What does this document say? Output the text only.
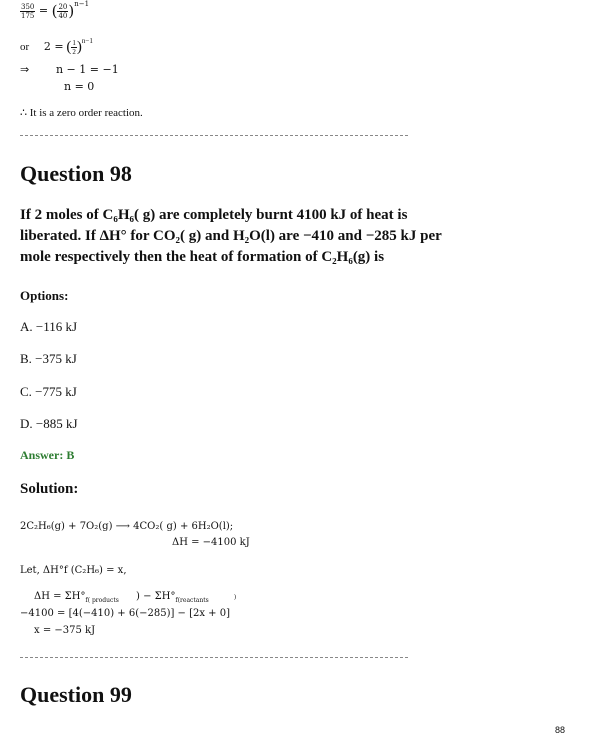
$\frac{350}{175}$ = ( $\frac{20}{40} )^{n-1}$
or 2 = ( $\frac{1}{2} )^{n-1}$
⇒ n − 1 = −1
n = 0
∴ It is a zero order reaction.
Question 98
If 2 moles of C₆H₆( g) are completely burnt 4100 kJ of heat is
liberated. If ΔH° for CO₂( g) and H₂O(l) are −410 and −285 kJ per
mole respectively then the heat of formation of C₂H₆(g) is
Options:
A. −116 kJ
B. −375 kJ
C. −775 kJ
D. −885 kJ
Answer: B
Solution:
2C₂H₆(g) + 7O₂(g) ⟶ 4CO₂( g) + 6H₂O(l);
ΔH = −4100 kJ
Let, ΔH°f (C₂H₆) = x,
$\Delta H = \Sigma H^\circ_{f( products}$ ) − $\Sigma H^\circ_{f(reactants}$	)
−4100 = [4(−410) + 6(−285)] − [2x + 0]
x = −375 kJ
Question 99
88
